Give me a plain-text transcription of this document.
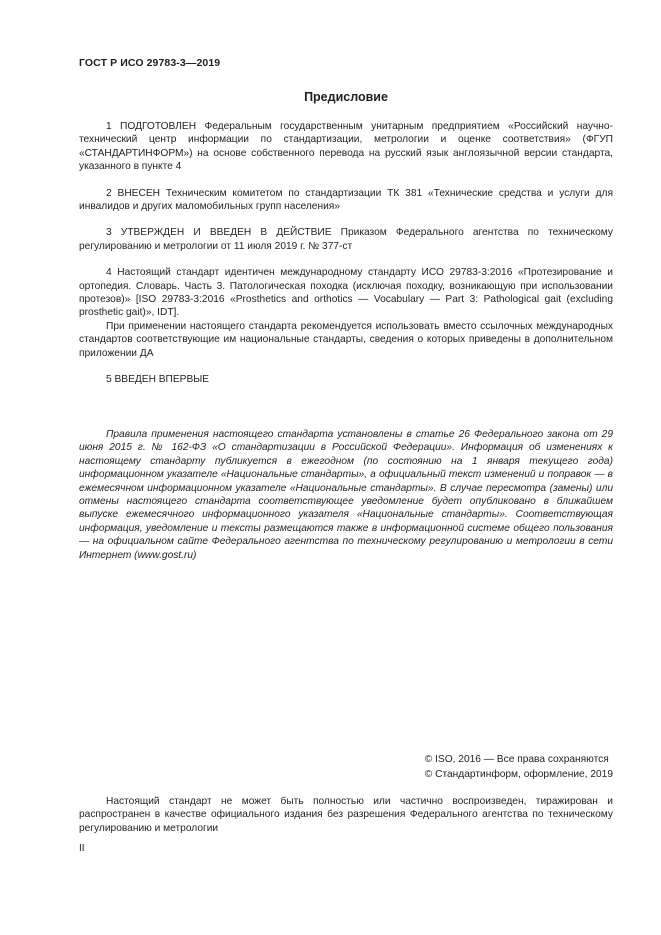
ГОСТ Р ИСО 29783-3—2019
Предисловие

1 ПОДГОТОВЛЕН Федеральным государственным унитарным предприятием «Российский научно-технический центр информации по стандартизации, метрологии и оценке соответствия» (ФГУП «СТАНДАРТИНФОРМ») на основе собственного перевода на русский язык англоязычной версии стандарта, указанного в пункте 4

2 ВНЕСЕН Техническим комитетом по стандартизации ТК 381 «Технические средства и услуги для инвалидов и других маломобильных групп населения»

3 УТВЕРЖДЕН И ВВЕДЕН В ДЕЙСТВИЕ Приказом Федерального агентства по техническому регулированию и метрологии от 11 июля 2019 г. № 377-ст

4 Настоящий стандарт идентичен международному стандарту ИСО 29783-3:2016 «Протезирование и ортопедия. Словарь. Часть 3. Патологическая походка (исключая походку, возникающую при использовании протезов)» [ISO 29783-3:2016 «Prosthetics and orthotics — Vocabulary — Part 3: Pathological gait (excluding prosthetic gait)», IDT].

При применении настоящего стандарта рекомендуется использовать вместо ссылочных международных стандартов соответствующие им национальные стандарты, сведения о которых приведены в дополнительном приложении ДА

5 ВВЕДЕН ВПЕРВЫЕ

Правила применения настоящего стандарта установлены в статье 26 Федерального закона от 29 июня 2015 г. № 162-ФЗ «О стандартизации в Российской Федерации». Информация об изменениях к настоящему стандарту публикуется в ежегодном (по состоянию на 1 января текущего года) информационном указателе «Национальные стандарты», а официальный текст изменений и поправок — в ежемесячном информационном указателе «Национальные стандарты». В случае пересмотра (замены) или отмены настоящего стандарта соответствующее уведомление будет опубликовано в ближайшем выпуске ежемесячного информационного указателя «Национальные стандарты». Соответствующая информация, уведомление и тексты размещаются также в информационной системе общего пользования — на официальном сайте Федерального агентства по техническому регулированию и метрологии в сети Интернет (www.gost.ru)

© ISO, 2016 — Все права сохраняются
© Стандартинформ, оформление, 2019

Настоящий стандарт не может быть полностью или частично воспроизведен, тиражирован и распространен в качестве официального издания без разрешения Федерального агентства по техническому регулированию и метрологии

II
